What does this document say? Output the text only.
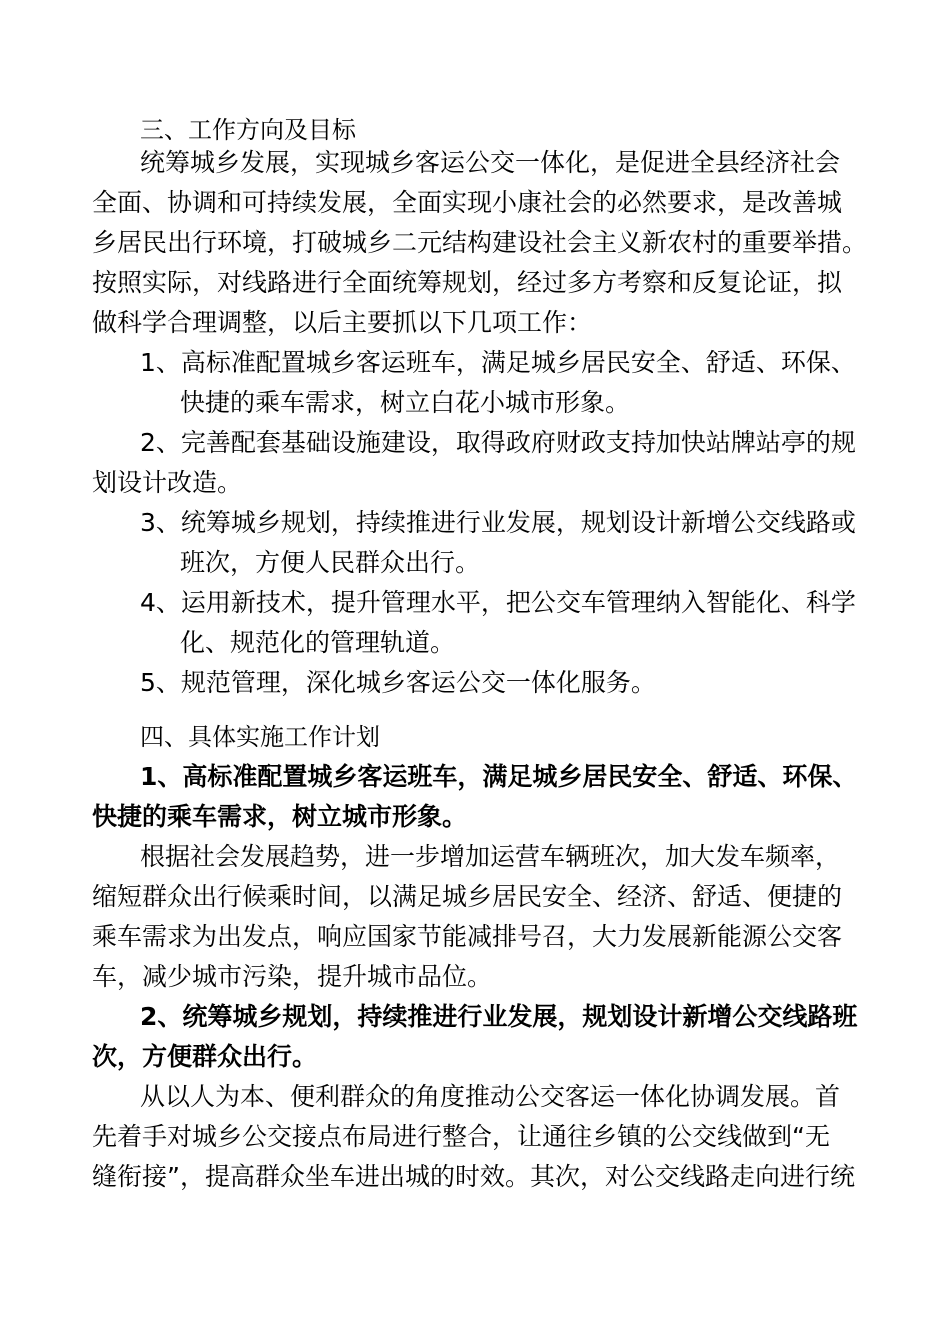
三、工作方向及目标
统筹城乡发展，实现城乡客运公交一体化，是促进全县经济社会
全面、协调和可持续发展，全面实现小康社会的必然要求，是改善城
乡居民出行环境，打破城乡二元结构建设社会主义新农村的重要举措。
按照实际，对线路进行全面统筹规划，经过多方考察和反复论证，拟
做科学合理调整，以后主要抓以下几项工作：
1、高标准配置城乡客运班车，满足城乡居民安全、舒适、环保、
快捷的乘车需求，树立白花小城市形象。
2、完善配套基础设施建设，取得政府财政支持加快站牌站亭的规
划设计改造。
3、统筹城乡规划，持续推进行业发展，规划设计新增公交线路或
班次，方便人民群众出行。
4、运用新技术，提升管理水平，把公交车管理纳入智能化、科学
化、规范化的管理轨道。
5、规范管理，深化城乡客运公交一体化服务。
四、具体实施工作计划
1、高标准配置城乡客运班车，满足城乡居民安全、舒适、环保、
快捷的乘车需求，树立城市形象。
根据社会发展趋势，进一步增加运营车辆班次，加大发车频率，
缩短群众出行候乘时间，以满足城乡居民安全、经济、舒适、便捷的
乘车需求为出发点，响应国家节能减排号召，大力发展新能源公交客
车，减少城市污染，提升城市品位。
2、统筹城乡规划，持续推进行业发展，规划设计新增公交线路班
次，方便群众出行。
从以人为本、便利群众的角度推动公交客运一体化协调发展。首
先着手对城乡公交接点布局进行整合，让通往乡镇的公交线做到“无
缝衔接”，提高群众坐车进出城的时效。其次，对公交线路走向进行统
